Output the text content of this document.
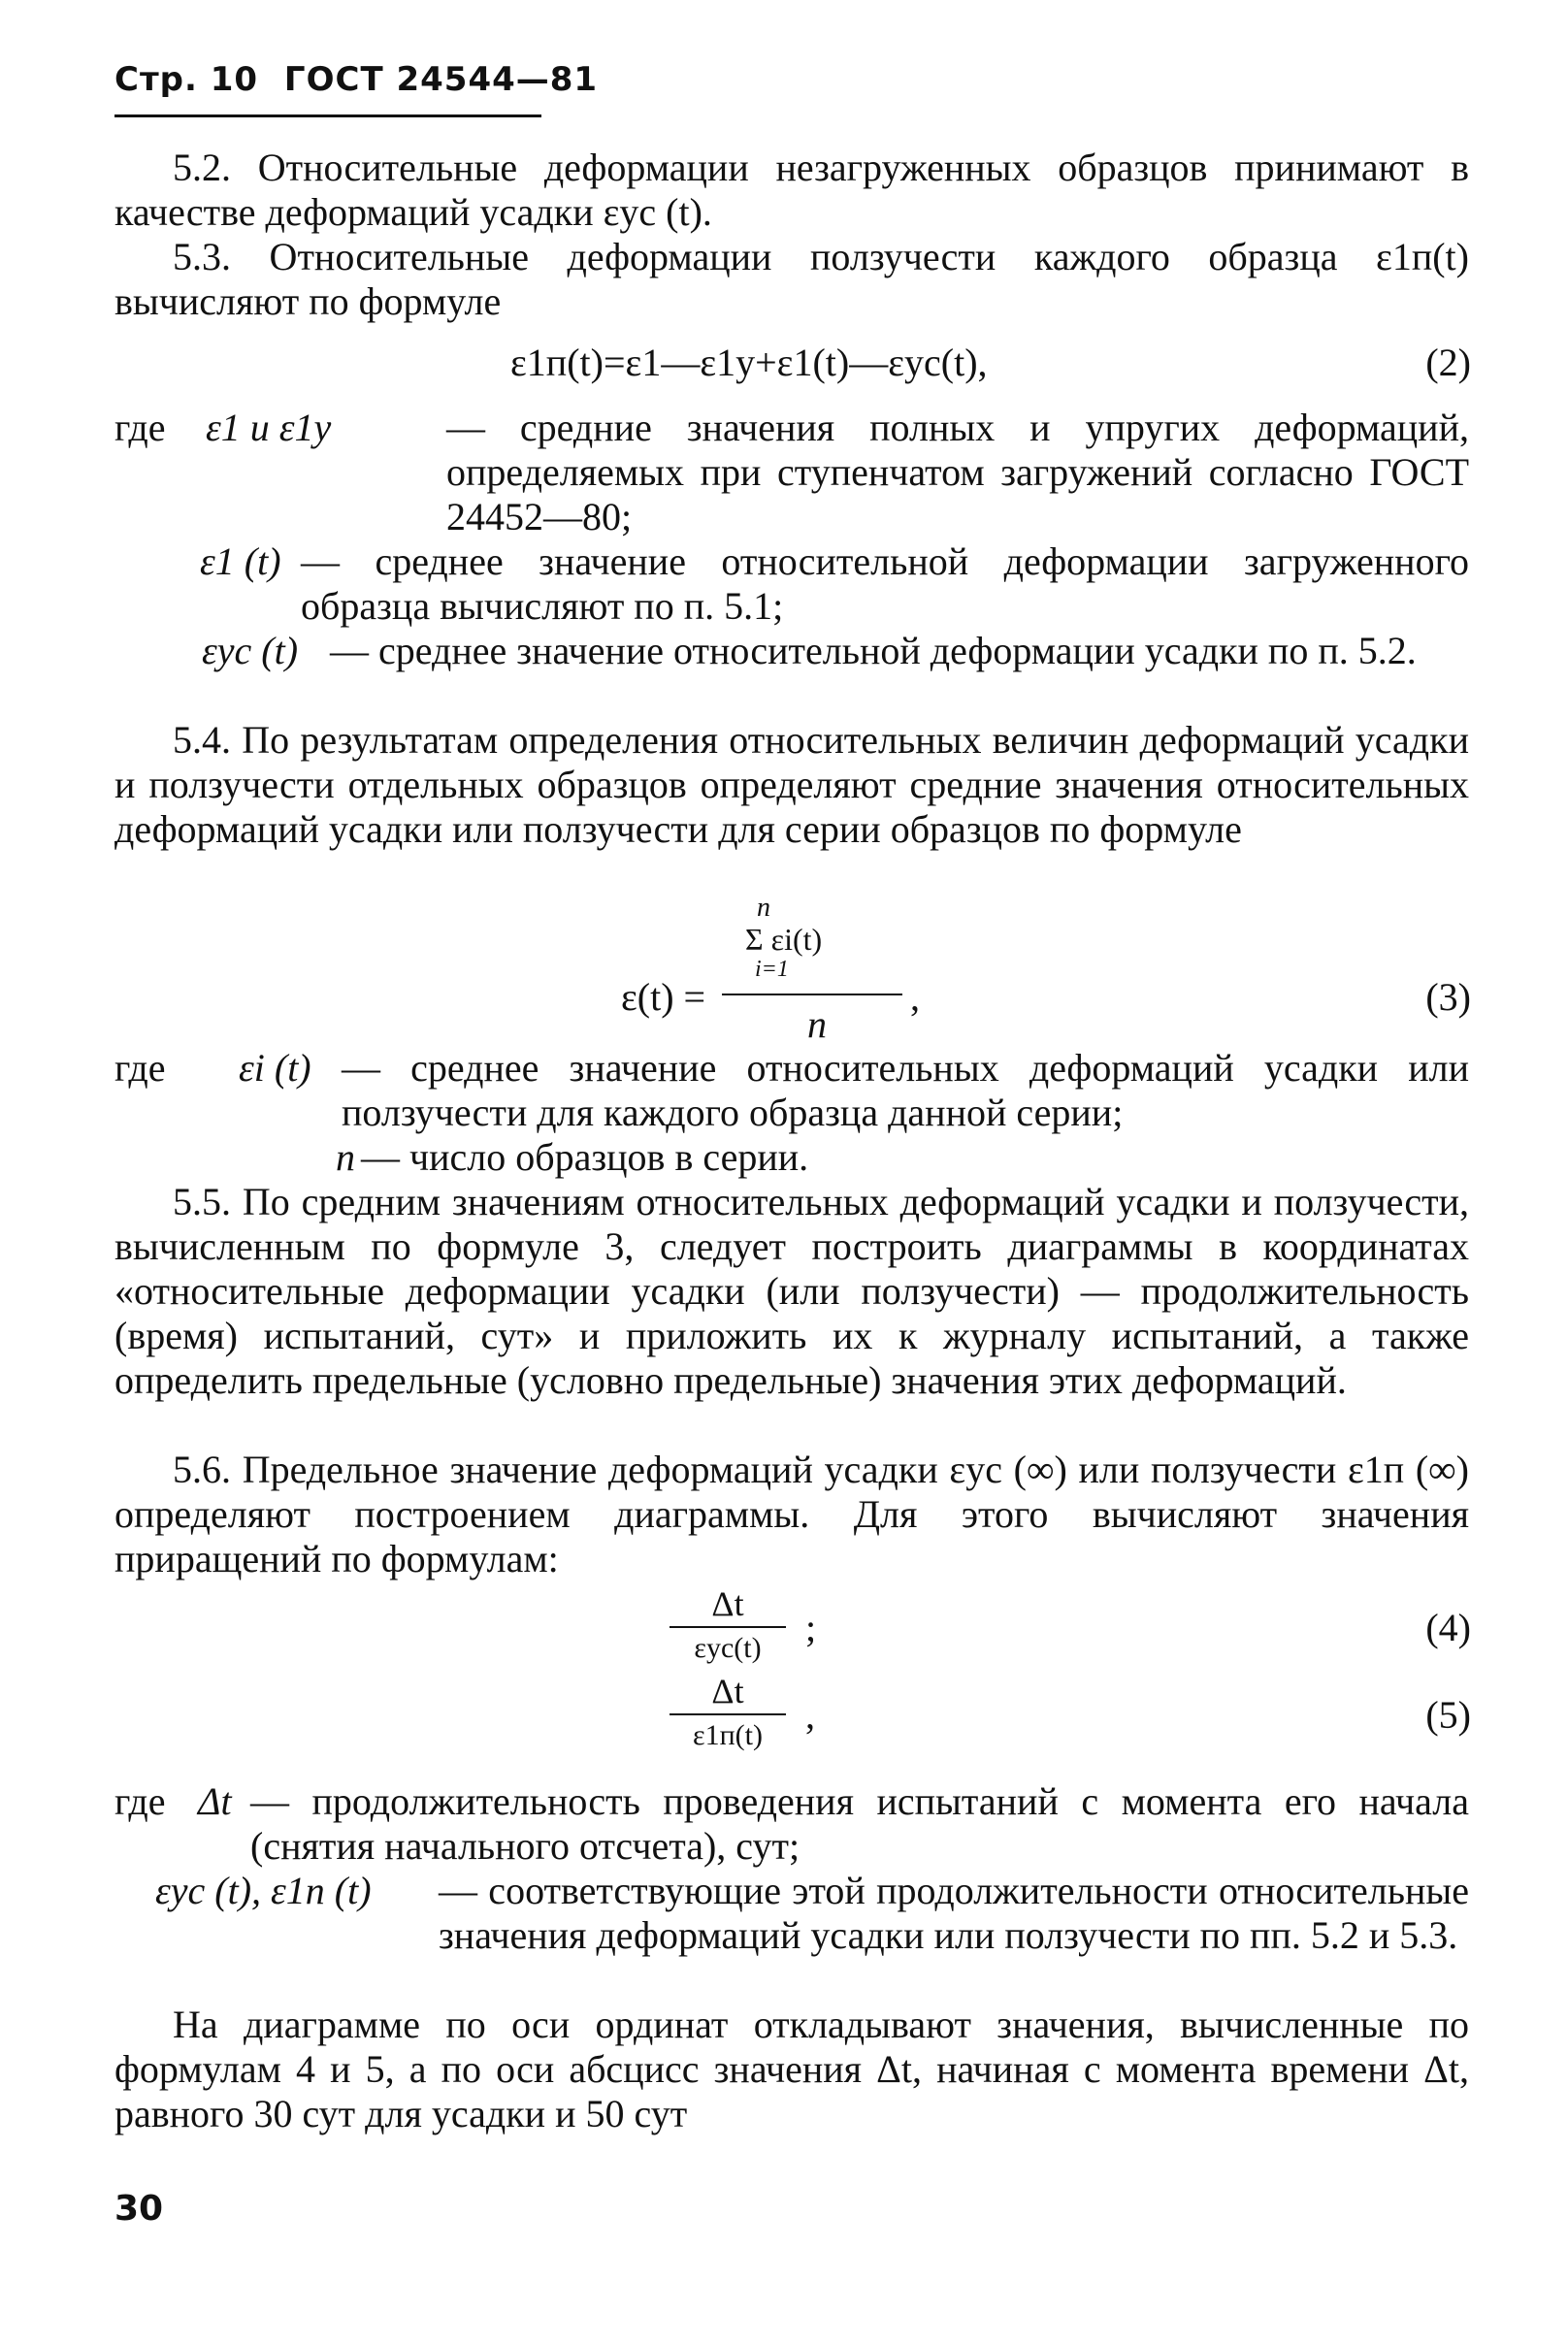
Стр. 10 ГОСТ 24544—81

5.2. Относительные деформации незагруженных образцов принимают в качестве деформаций усадки εус (t).

5.3. Относительные деформации ползучести каждого образца ε1п(t) вычисляют по формуле

ε1п(t)=ε1—ε1у+ε1(t)—εус(t),	(2)
где ε1 и ε1у	— средние значения полных и упругих деформаций, определяемых при ступенчатом загружений согласно ГОСТ 24452—80;
ε1 (t) — среднее значение относительной деформации загруженного образца вычисляют по п. 5.1;
εус (t) — среднее значение относительной деформации усадки по п. 5.2.

5.4. По результатам определения относительных величин деформаций усадки и ползучести отдельных образцов определяют средние значения относительных деформаций усадки или ползучести для серии образцов по формуле

n
Σ εi(t)
i=1
ε(t) =
n
,	(3)
где εi (t) — среднее значение относительных деформаций усадки или ползучести для каждого образца данной серии;
n — число образцов в серии.

5.5. По средним значениям относительных деформаций усадки и ползучести, вычисленным по формуле 3, следует построить диаграммы в координатах «относительные деформации усадки (или ползучести) — продолжительность (время) испытаний, сут» и приложить их к журналу испытаний, а также определить предельные (условно предельные) значения этих деформаций.

5.6. Предельное значение деформаций усадки εус (∞) или ползучести ε1п (∞) определяют построением диаграммы. Для этого вычисляют значения приращений по формулам:

Δt
εус(t)	;	(4)
Δt
ε1п(t)	,	(5)
где Δt — продолжительность проведения испытаний с момента его начала (снятия начального отсчета), сут;
εус (t), ε1п (t) — соответствующие этой продолжительности относительные значения деформаций усадки или ползучести по пп. 5.2 и 5.3.

На диаграмме по оси ординат откладывают значения, вычисленные по формулам 4 и 5, а по оси абсцисс значения Δt, начиная с момента времени Δt, равного 30 сут для усадки и 50 сут

30
